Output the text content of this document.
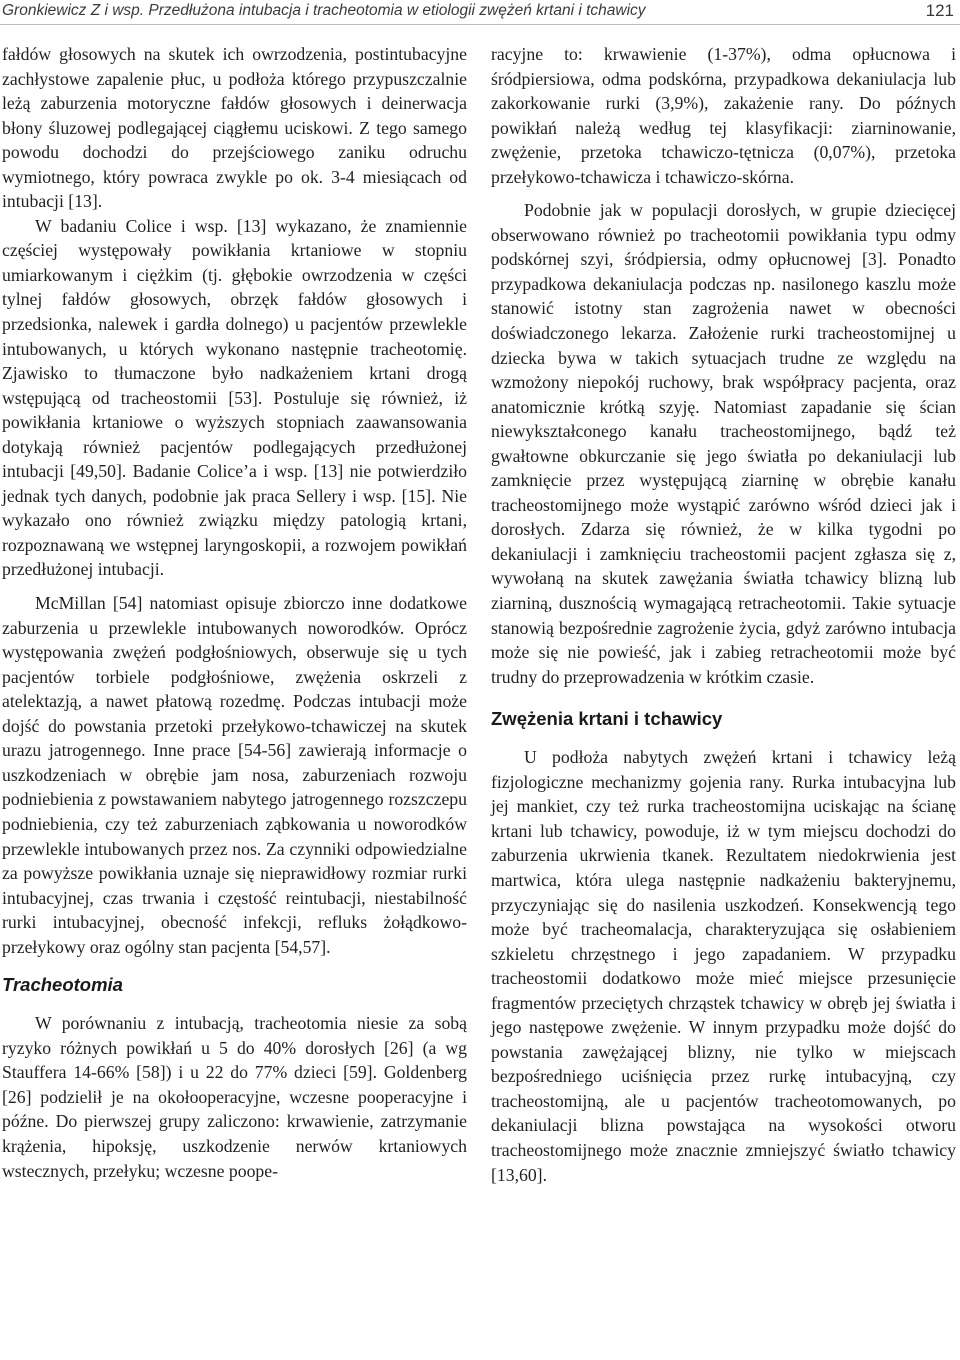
Gronkiewicz Z i wsp. Przedłużona intubacja i tracheotomia w etiologii zwężeń krtani i tchawicy	121

fałdów głosowych na skutek ich owrzodzenia, postintubacyjne zachłystowe zapalenie płuc, u podłoża którego przypuszczalnie leżą zaburzenia motoryczne fałdów głosowych i deinerwacja błony śluzowej podlegającej ciągłemu uciskowi. Z tego samego powodu dochodzi do przejściowego zaniku odruchu wymiotnego, który powraca zwykle po ok. 3-4 miesiącach od intubacji [13].

W badaniu Colice i wsp. [13] wykazano, że znamiennie częściej występowały powikłania krtaniowe w stopniu umiarkowanym i ciężkim (tj. głębokie owrzodzenia w części tylnej fałdów głosowych, obrzęk fałdów głosowych i przedsionka, nalewek i gardła dolnego) u pacjentów przewlekle intubowanych, u których wykonano następnie tracheotomię. Zjawisko to tłumaczone było nadkażeniem krtani drogą wstępującą od tracheostomii [53]. Postuluje się również, iż powikłania krtaniowe o wyższych stopniach zaawansowania dotykają również pacjentów podlegających przedłużonej intubacji [49,50]. Badanie Colice’a i wsp. [13] nie potwierdziło jednak tych danych, podobnie jak praca Sellery i wsp. [15]. Nie wykazało ono również związku między patologią krtani, rozpoznawaną we wstępnej laryngoskopii, a rozwojem powikłań przedłużonej intubacji.

McMillan [54] natomiast opisuje zbiorczo inne dodatkowe zaburzenia u przewlekle intubowanych noworodków. Oprócz występowania zwężeń podgłośniowych, obserwuje się u tych pacjentów torbiele podgłośniowe, zwężenia oskrzeli z atelektazją, a nawet płatową rozedmę. Podczas intubacji może dojść do powstania przetoki przełykowo-tchawiczej na skutek urazu jatrogennego. Inne prace [54-56] zawierają informacje o uszkodzeniach w obrębie jam nosa, zaburzeniach rozwoju podniebienia z powstawaniem nabytego jatrogennego rozszczepu podniebienia, czy też zaburzeniach ząbkowania u noworodków przewlekle intubowanych przez nos. Za czynniki odpowiedzialne za powyższe powikłania uznaje się nieprawidłowy rozmiar rurki intubacyjnej, czas trwania i częstość reintubacji, niestabilność rurki intubacyjnej, obecność infekcji, refluks żołądkowo-przełykowy oraz ogólny stan pacjenta [54,57].

Tracheotomia

W porównaniu z intubacją, tracheotomia niesie za sobą ryzyko różnych powikłań u 5 do 40% dorosłych [26] (a wg Stauffera 14-66% [58]) i u 22 do 77% dzieci [59]. Goldenberg [26] podzielił je na okołooperacyjne, wczesne pooperacyjne i późne. Do pierwszej grupy zaliczono: krwawienie, zatrzymanie krążenia, hipoksję, uszkodzenie nerwów krtaniowych wstecznych, przełyku; wczesne poope-

racyjne to: krwawienie (1-37%), odma opłucnowa i śródpiersiowa, odma podskórna, przypadkowa dekaniulacja lub zakorkowanie rurki (3,9%), zakażenie rany. Do późnych powikłań należą według tej klasyfikacji: ziarninowanie, zwężenie, przetoka tchawiczo-tętnicza (0,07%), przetoka przełykowo-tchawicza i tchawiczo-skórna.

Podobnie jak w populacji dorosłych, w grupie dziecięcej obserwowano również po tracheotomii powikłania typu odmy podskórnej szyi, śródpiersia, odmy opłucnowej [3]. Ponadto przypadkowa dekaniulacja podczas np. nasilonego kaszlu może stanowić istotny stan zagrożenia nawet w obecności doświadczonego lekarza. Założenie rurki tracheostomijnej u dziecka bywa w takich sytuacjach trudne ze względu na wzmożony niepokój ruchowy, brak współpracy pacjenta, oraz anatomicznie krótką szyję. Natomiast zapadanie się ścian niewykształconego kanału tracheostomijnego, bądź też gwałtowne obkurczanie się jego światła po dekaniulacji lub zamknięcie przez występującą ziarninę w obrębie kanału tracheostomijnego może wystąpić zarówno wśród dzieci jak i dorosłych. Zdarza się również, że w kilka tygodni po dekaniulacji i zamknięciu tracheostomii pacjent zgłasza się z, wywołaną na skutek zawężania światła tchawicy blizną lub ziarniną, dusznością wymagającą retracheotomii. Takie sytuacje stanowią bezpośrednie zagrożenie życia, gdyż zarówno intubacja może się nie powieść, jak i zabieg retracheotomii może być trudny do przeprowadzenia w krótkim czasie.

Zwężenia krtani i tchawicy

U podłoża nabytych zwężeń krtani i tchawicy leżą fizjologiczne mechanizmy gojenia rany. Rurka intubacyjna lub jej mankiet, czy też rurka tracheostomijna uciskając na ścianę krtani lub tchawicy, powoduje, iż w tym miejscu dochodzi do zaburzenia ukrwienia tkanek. Rezultatem niedokrwienia jest martwica, która ulega następnie nadkażeniu bakteryjnemu, przyczyniając się do nasilenia uszkodzeń. Konsekwencją tego może być tracheomalacja, charakteryzująca się osłabieniem szkieletu chrzęstnego i jego zapadaniem. W przypadku tracheostomii dodatkowo może mieć miejsce przesunięcie fragmentów przeciętych chrząstek tchawicy w obręb jej światła i jego następowe zwężenie. W innym przypadku może dojść do powstania zawężającej blizny, nie tylko w miejscach bezpośredniego uciśnięcia przez rurkę intubacyjną, czy tracheostomijną, ale u pacjentów tracheotomowanych, po dekaniulacji blizna powstająca na wysokości otworu tracheostomijnego może znacznie zmniejszyć światło tchawicy [13,60].
